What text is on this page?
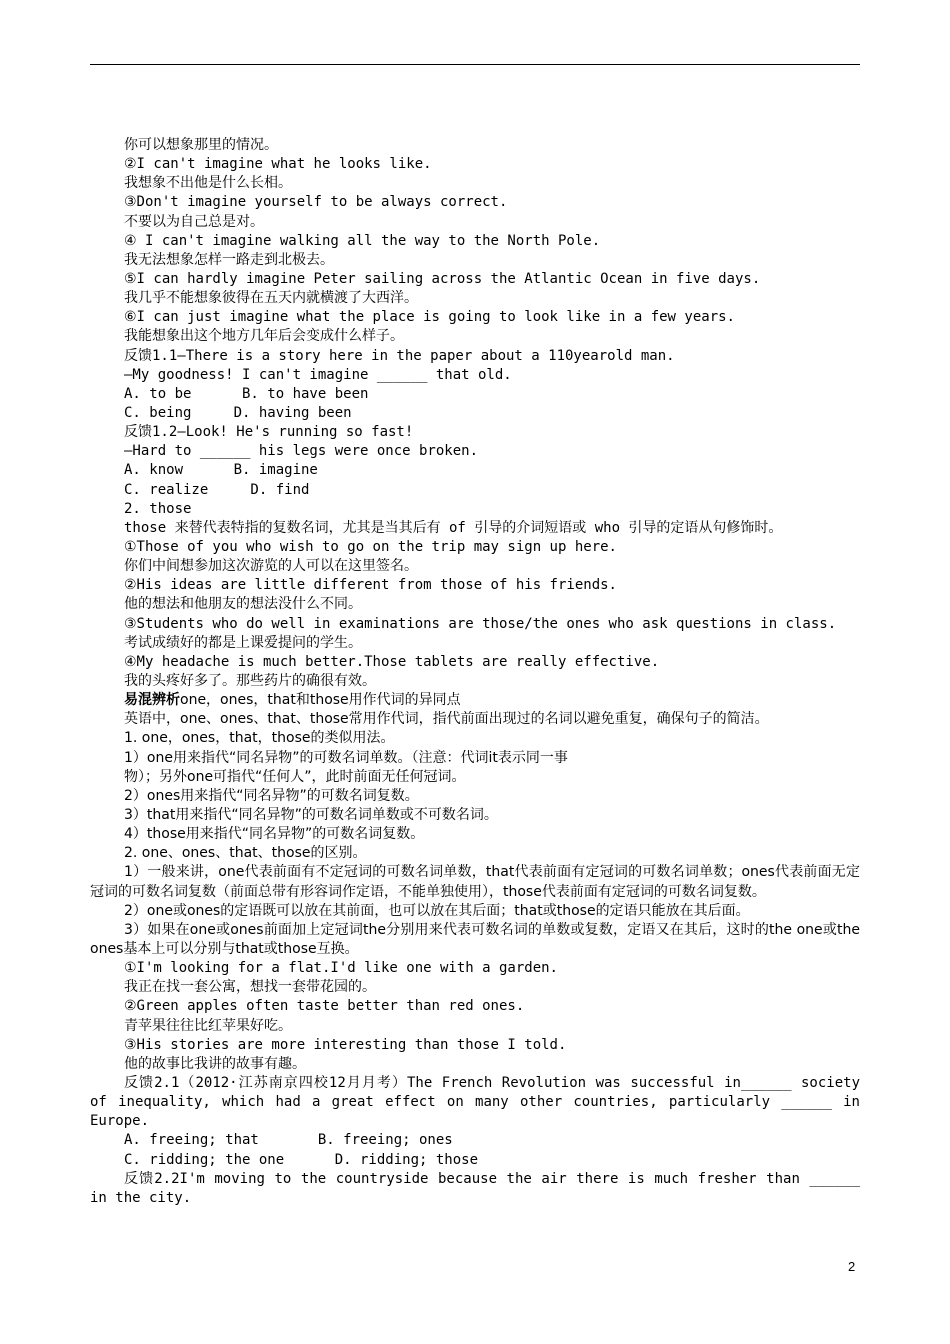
你可以想象那里的情况。
②I can't imagine what he looks like.
我想象不出他是什么长相。
③Don't imagine yourself to be always correct.
不要以为自己总是对。
④ I can't imagine walking all the way to the North Pole.
我无法想象怎样一路走到北极去。
⑤I can hardly imagine Peter sailing across the Atlantic Ocean in five days.
我几乎不能想象彼得在五天内就横渡了大西洋。
⑥I can just imagine what the place is going to look like in a few years.
我能想象出这个地方几年后会变成什么样子。
反馈1.1—There is a story here in the paper about a 110yearold man.
—My goodness! I can't imagine ______ that old.
A. to be      B. to have been
C. being     D. having been
反馈1.2—Look! He's running so fast!
—Hard to ______ his legs were once broken.
A. know      B. imagine
C. realize     D. find
2. those
those 来替代表特指的复数名词，尤其是当其后有 of 引导的介词短语或 who 引导的定语从句修饰时。
①Those of you who wish to go on the trip may sign up here.
你们中间想参加这次游览的人可以在这里签名。
②His ideas are little different from those of his friends.
他的想法和他朋友的想法没什么不同。
③Students who do well in examinations are those/the ones who ask questions in class.
考试成绩好的都是上课爱提问的学生。
④My headache is much better.Those tablets are really effective.
我的头疼好多了。那些药片的确很有效。
易混辨析one，ones，that和those用作代词的异同点
英语中，one、ones、that、those常用作代词，指代前面出现过的名词以避免重复，确保句子的简洁。
1. one，ones，that，those的类似用法。
1）one用来指代“同名异物”的可数名词单数。（注意：代词it表示同一事
物）；另外one可指代“任何人”，此时前面无任何冠词。
2）ones用来指代“同名异物”的可数名词复数。
3）that用来指代“同名异物”的可数名词单数或不可数名词。
4）those用来指代“同名异物”的可数名词复数。
2. one、ones、that、those的区别。
1）一般来讲，one代表前面有不定冠词的可数名词单数，that代表前面有定冠词的可数名词单数；ones代表前面无定冠词的可数名词复数（前面总带有形容词作定语，不能单独使用），those代表前面有定冠词的可数名词复数。
2）one或ones的定语既可以放在其前面，也可以放在其后面；that或those的定语只能放在其后面。
3）如果在one或ones前面加上定冠词the分别用来代表可数名词的单数或复数，定语又在其后，这时的the one或the ones基本上可以分别与that或those互换。
①I'm looking for a flat.I'd like one with a garden.
我正在找一套公寓，想找一套带花园的。
②Green apples often taste better than red ones.
青苹果往往比红苹果好吃。
③His stories are more interesting than those I told.
他的故事比我讲的故事有趣。
反馈2.1（2012·江苏南京四校12月月考）The French Revolution was successful in______ society of inequality, which had a great effect on many other countries, particularly ______ in Europe.
A. freeing; that       B. freeing; ones
C. ridding; the one      D. ridding; those
反馈2.2I'm moving to the countryside because the air there is much fresher than ______ in the city.
2
